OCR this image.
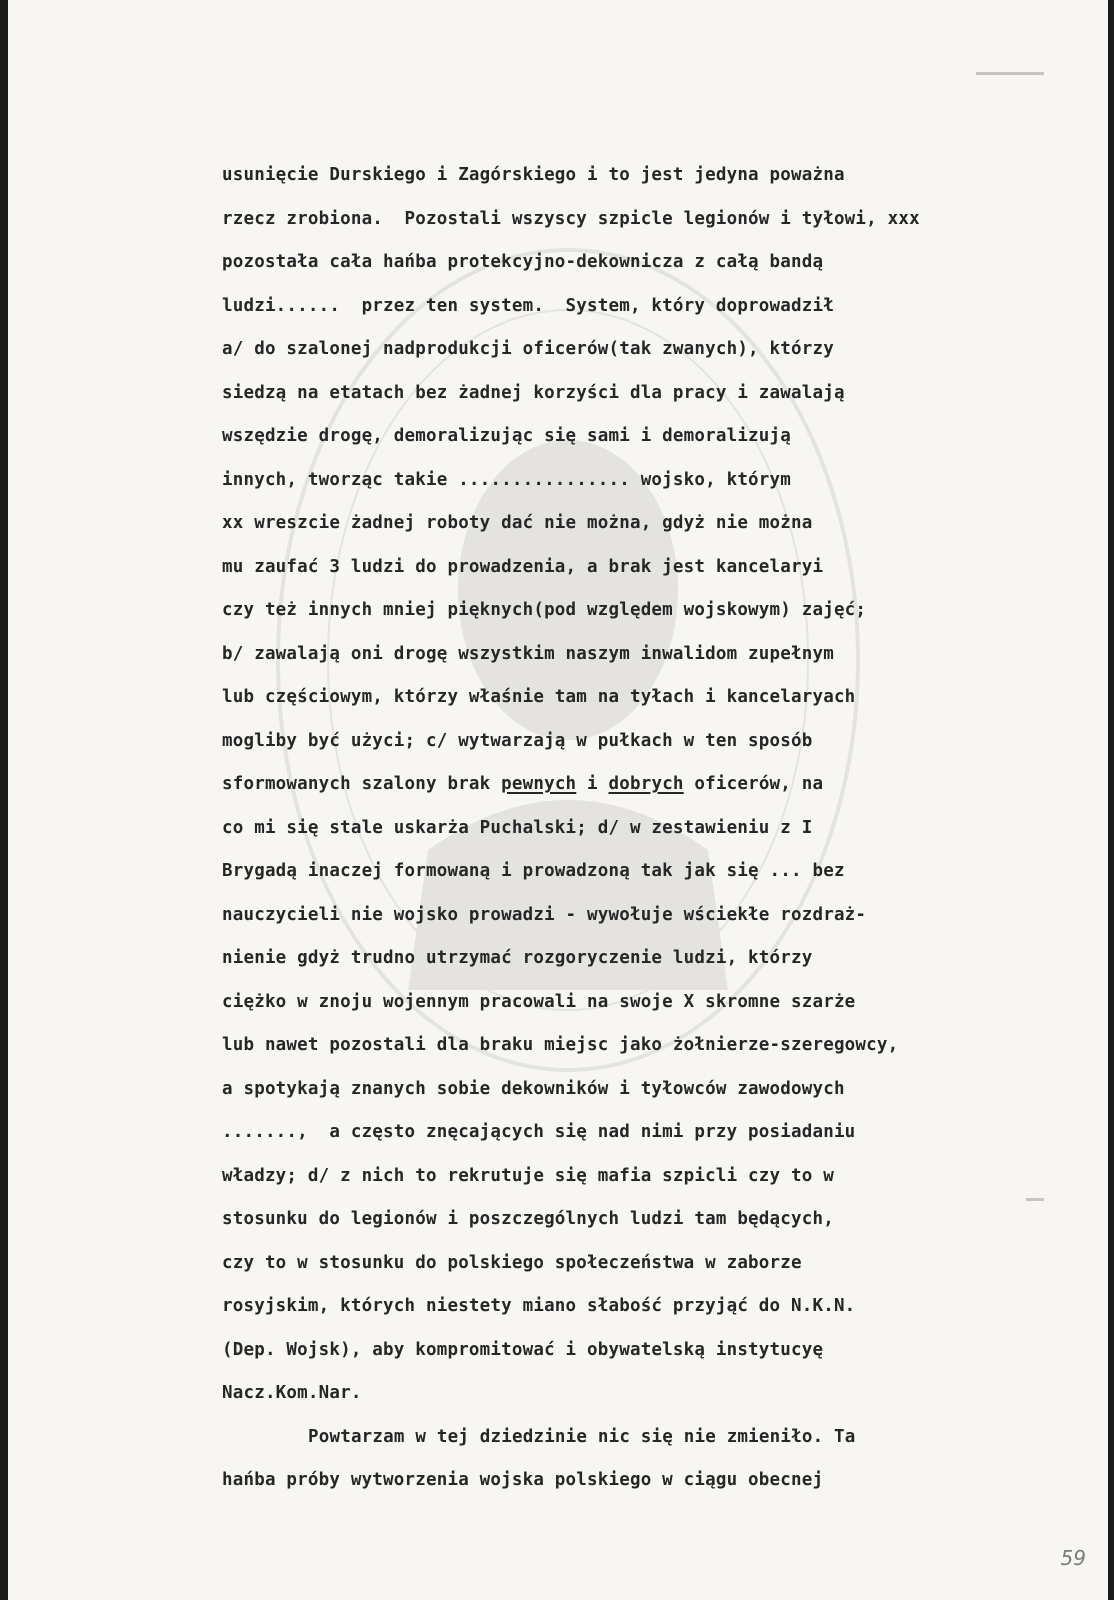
usunięcie Durskiego i Zagórskiego i to jest jedyna poważna
rzecz zrobiona.  Pozostali wszyscy szpicle legionów i tyłowi, xxx
pozostała cała hańba protekcyjno-dekownicza z całą bandą
ludzi......  przez ten system.  System, który doprowadził
a/ do szalonej nadprodukcji oficerów(tak zwanych), którzy
siedzą na etatach bez żadnej korzyści dla pracy i zawalają
wszędzie drogę, demoralizując się sami i demoralizują
innych, tworząc takie ................ wojsko, którym
xx wreszcie żadnej roboty dać nie można, gdyż nie można
mu zaufać 3 ludzi do prowadzenia, a brak jest kancelaryi
czy też innych mniej pięknych(pod względem wojskowym) zajęć;
b/ zawalają oni drogę wszystkim naszym inwalidom zupełnym
lub częściowym, którzy właśnie tam na tyłach i kancelaryach
mogliby być użyci; c/ wytwarzają w pułkach w ten sposób
sformowanych szalony brak pewnych i dobrych oficerów, na
co mi się stale uskarża Puchalski; d/ w zestawieniu z I
Brygadą inaczej formowaną i prowadzoną tak jak się ... bez
nauczycieli nie wojsko prowadzi - wywołuje wściekłe rozdraż-
nienie gdyż trudno utrzymać rozgoryczenie ludzi, którzy
ciężko w znoju wojennym pracowali na swoje X skromne szarże
lub nawet pozostali dla braku miejsc jako żołnierze-szeregowcy,
a spotykają znanych sobie dekowników i tyłowców zawodowych
.......,  a często znęcających się nad nimi przy posiadaniu
władzy; d/ z nich to rekrutuje się mafia szpicli czy to w
stosunku do legionów i poszczególnych ludzi tam będących,
czy to w stosunku do polskiego społeczeństwa w zaborze
rosyjskim, których niestety miano słabość przyjąć do N.K.N.
(Dep. Wojsk), aby kompromitować i obywatelską instytucyę
Nacz.Kom.Nar.
Powtarzam w tej dziedzinie nic się nie zmieniło. Ta
hańba próby wytworzenia wojska polskiego w ciągu obecnej
59
